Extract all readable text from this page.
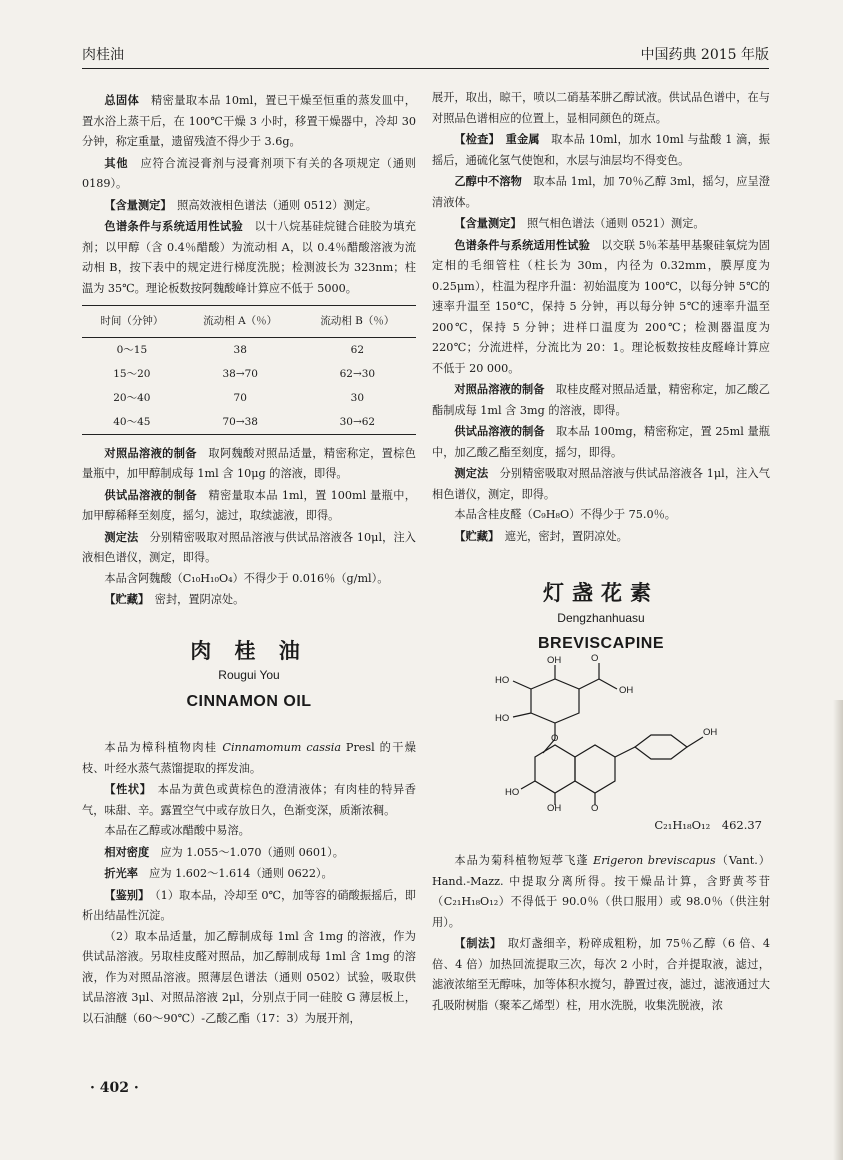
肉桂油	中国药典 2015 年版

总固体　 精密量取本品 10ml，置已干燥至恒重的蒸发皿中，置水浴上蒸干后，在 100℃干燥 3 小时，移置干燥器中，冷却 30 分钟，称定重量，遗留残渣不得少于 3.6g。

其他　 应符合流浸膏剂与浸膏剂项下有关的各项规定（通则 0189）。

【含量测定】　 照高效液相色谱法（通则 0512）测定。

色谱条件与系统适用性试验　 以十八烷基硅烷键合硅胶为填充剂；以甲醇（含 0.4％醋酸）为流动相 A，以 0.4％醋酸溶液为流动相 B，按下表中的规定进行梯度洗脱；检测波长为 323nm；柱温为 35℃。理论板数按阿魏酸峰计算应不低于 5000。

时间（分钟）	流动相 A（％）	流动相 B（％）
0～15	38	62
15～20	38→70	62→30
20～40	70	30
40～45	70→38	30→62

对照品溶液的制备　 取阿魏酸对照品适量，精密称定，置棕色量瓶中，加甲醇制成每 1ml 含 10μg 的溶液，即得。

供试品溶液的制备　 精密量取本品 1ml，置 100ml 量瓶中，加甲醇稀释至刻度，摇匀，滤过，取续滤液，即得。

测定法　 分别精密吸取对照品溶液与供试品溶液各 10μl，注入液相色谱仪，测定，即得。

本品含阿魏酸（C₁₀H₁₀O₄）不得少于 0.016％（g/ml）。

【贮藏】　 密封，置阴凉处。

肉 桂 油
Rougui You
CINNAMON OIL

本品为樟科植物肉桂 Cinnamomum cassia Presl 的干燥枝、叶经水蒸气蒸馏提取的挥发油。

【性状】　 本品为黄色或黄棕色的澄清液体；有肉桂的特异香气，味甜、辛。露置空气中或存放日久，色渐变深，质渐浓稠。

本品在乙醇或冰醋酸中易溶。

相对密度　 应为 1.055～1.070（通则 0601）。

折光率　 应为 1.602～1.614（通则 0622）。

【鉴别】　 （1）取本品，冷却至 0℃，加等容的硝酸振摇后，即析出结晶性沉淀。

（2）取本品适量，加乙醇制成每 1ml 含 1mg 的溶液，作为供试品溶液。另取桂皮醛对照品，加乙醇制成每 1ml 含 1mg 的溶液，作为对照品溶液。照薄层色谱法（通则 0502）试验，吸取供试品溶液 3μl、对照品溶液 2μl，分别点于同一硅胶 G 薄层板上，以石油醚（60～90℃）-乙酸乙酯（17：3）为展开剂，

展开，取出，晾干，喷以二硝基苯肼乙醇试液。供试品色谱中，在与对照品色谱相应的位置上，显相同颜色的斑点。

【检查】　 重金属　 取本品 10ml，加水 10ml 与盐酸 1 滴，振摇后，通硫化氢气使饱和，水层与油层均不得变色。

乙醇中不溶物　 取本品 1ml，加 70％乙醇 3ml，摇匀，应呈澄清液体。

【含量测定】　 照气相色谱法（通则 0521）测定。

色谱条件与系统适用性试验　 以交联 5％苯基甲基聚硅氧烷为固定相的毛细管柱（柱长为 30m，内径为 0.32mm，膜厚度为 0.25μm），柱温为程序升温：初始温度为 100℃，以每分钟 5℃的速率升温至 150℃，保持 5 分钟，再以每分钟 5℃的速率升温至 200℃，保持 5 分钟；进样口温度为 200℃；检测器温度为 220℃；分流进样，分流比为 20：1。理论板数按桂皮醛峰计算应不低于 20 000。

对照品溶液的制备　 取桂皮醛对照品适量，精密称定，加乙酸乙酯制成每 1ml 含 3mg 的溶液，即得。

供试品溶液的制备　 取本品 100mg，精密称定，置 25ml 量瓶中，加乙酸乙酯至刻度，摇匀，即得。

测定法　 分别精密吸取对照品溶液与供试品溶液各 1μl，注入气相色谱仪，测定，即得。

本品含桂皮醛（C₉H₈O）不得少于 75.0％。

【贮藏】　 遮光，密封，置阴凉处。

灯盏花素
Dengzhanhuasu
BREVISCAPINE
O
OH
OH
HO
HO
O
OH
HO
OH	O
C₂₁H₁₈O₁₂　 462.37

本品为菊科植物短葶飞蓬 Erigeron breviscapus（Vant.）Hand.-Mazz. 中提取分离所得。按干燥品计算，含野黄芩苷（C₂₁H₁₈O₁₂）不得低于 90.0％（供口服用）或 98.0％（供注射用）。

【制法】　 取灯盏细辛，粉碎成粗粉，加 75％乙醇（6 倍、4 倍、4 倍）加热回流提取三次，每次 2 小时，合并提取液，滤过，滤液浓缩至无醇味，加等体积水搅匀，静置过夜，滤过，滤液通过大孔吸附树脂（聚苯乙烯型）柱，用水洗脱，收集洗脱液，浓

· 402 ·
